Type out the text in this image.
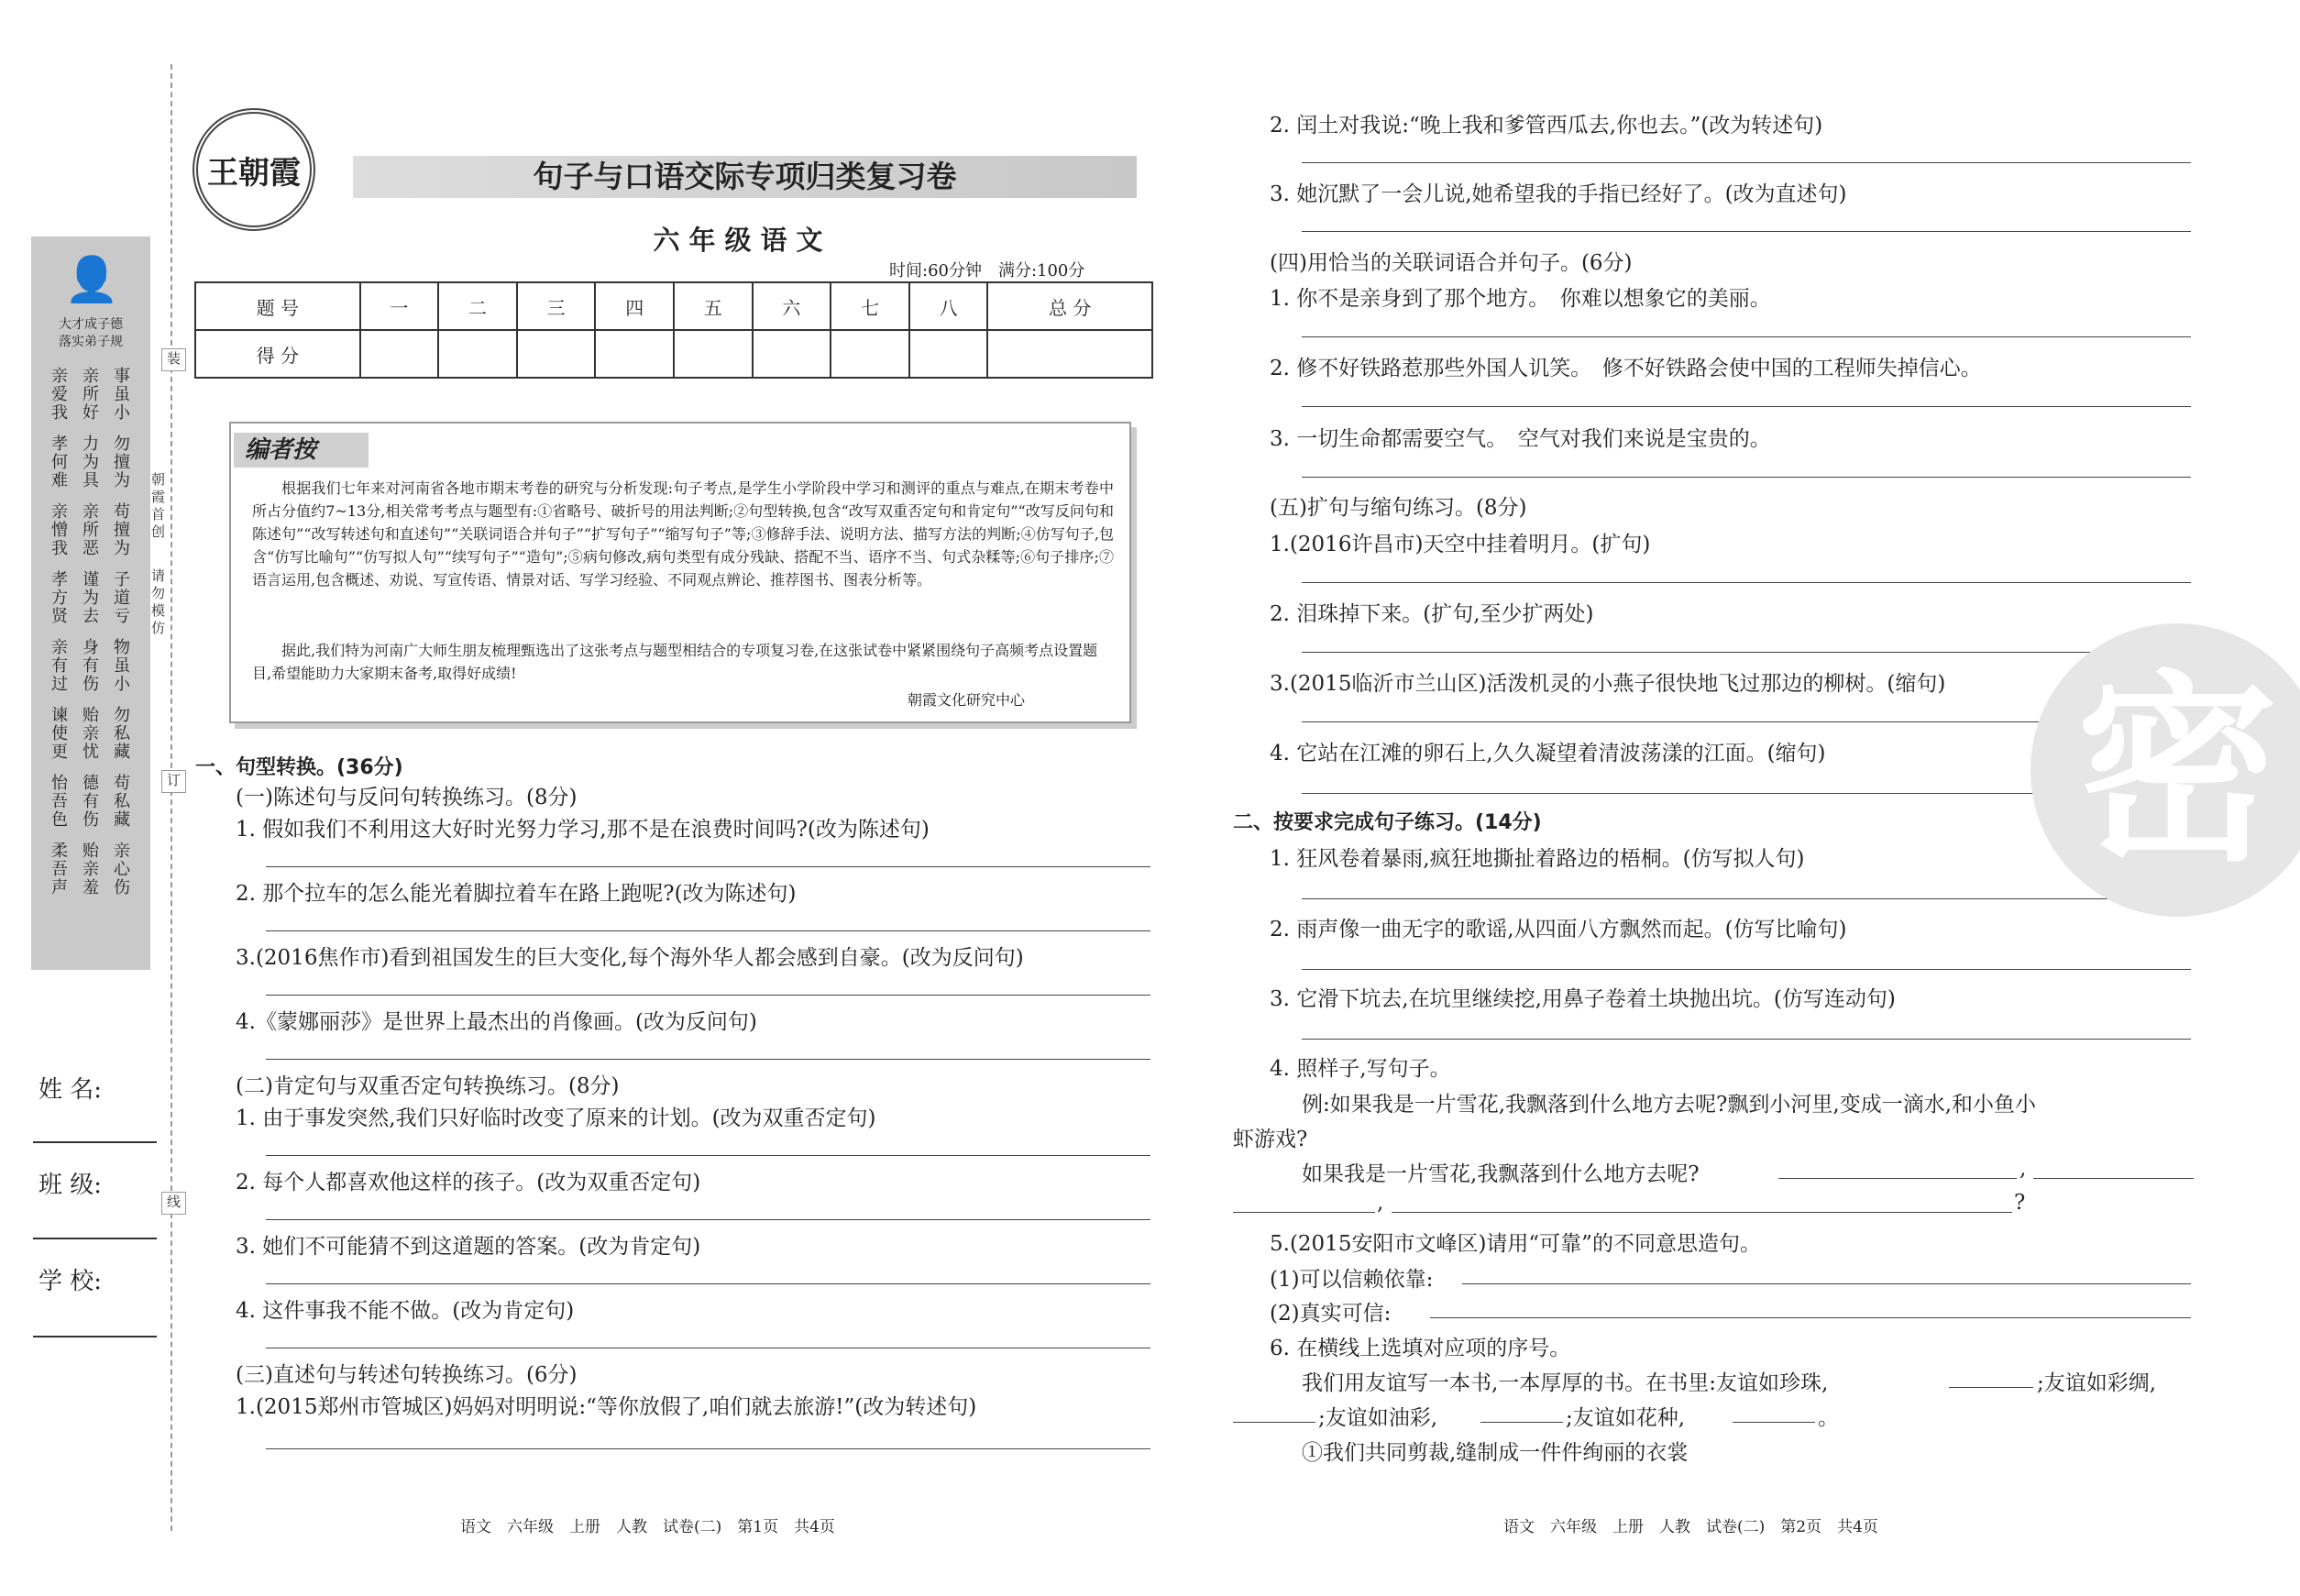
👤
大才成子德
落实弟子规
亲爱我 亲所好 事虽小
孝何难 力为具 勿擅为
亲憎我 亲所恶 苟擅为
孝方贤 谨为去 子道亏
亲有过 身有伤 物虽小
谏使更 贻亲忧 勿私藏
怡吾色 德有伤 苟私藏
柔吾声 贻亲羞 亲心伤
朝霞首创
请勿模仿
装
订
线
姓 名:
班 级:
学 校:
王朝霞	句子与口语交际专项归类复习卷
六年级语文
时间:60分钟　满分:100分
题 号	一	二	三	四	五	六	七	八	总 分
得 分									
编者按
根据我们七年来对河南省各地市期末考卷的研究与分析发现:句子考点,是学生小学阶段中学习和测评的重点与难点,在期末考卷中所占分值约7~13分,相关常考考点与题型有:①省略号、破折号的用法判断;②句型转换,包含“改写双重否定句和肯定句”“改写反问句和陈述句”“改写转述句和直述句”“关联词语合并句子”“扩写句子”“缩写句子”等;③修辞手法、说明方法、描写方法的判断;④仿写句子,包含“仿写比喻句”“仿写拟人句”“续写句子”“造句”;⑤病句修改,病句类型有成分残缺、搭配不当、语序不当、句式杂糅等;⑥句子排序;⑦语言运用,包含概述、劝说、写宣传语、情景对话、写学习经验、不同观点辨论、推荐图书、图表分析等。
据此,我们特为河南广大师生朋友梳理甄选出了这张考点与题型相结合的专项复习卷,在这张试卷中紧紧围绕句子高频考点设置题目,希望能助力大家期末备考,取得好成绩!
朝霞文化研究中心
一、句型转换。(36分)
(一)陈述句与反问句转换练习。(8分)
1. 假如我们不利用这大好时光努力学习,那不是在浪费时间吗?(改为陈述句)
2. 那个拉车的怎么能光着脚拉着车在路上跑呢?(改为陈述句)
3.(2016焦作市)看到祖国发生的巨大变化,每个海外华人都会感到自豪。(改为反问句)
4.《蒙娜丽莎》是世界上最杰出的肖像画。(改为反问句)
(二)肯定句与双重否定句转换练习。(8分)
1. 由于事发突然,我们只好临时改变了原来的计划。(改为双重否定句)
2. 每个人都喜欢他这样的孩子。(改为双重否定句)
3. 她们不可能猜不到这道题的答案。(改为肯定句)
4. 这件事我不能不做。(改为肯定句)
(三)直述句与转述句转换练习。(6分)
1.(2015郑州市管城区)妈妈对明明说:“等你放假了,咱们就去旅游!”(改为转述句)
2. 闰土对我说:“晚上我和爹管西瓜去,你也去。”(改为转述句)
3. 她沉默了一会儿说,她希望我的手指已经好了。(改为直述句)
(四)用恰当的关联词语合并句子。(6分)
1. 你不是亲身到了那个地方。　你难以想象它的美丽。
2. 修不好铁路惹那些外国人讥笑。　修不好铁路会使中国的工程师失掉信心。
3. 一切生命都需要空气。　空气对我们来说是宝贵的。
(五)扩句与缩句练习。(8分)
1.(2016许昌市)天空中挂着明月。(扩句)
2. 泪珠掉下来。(扩句,至少扩两处)
3.(2015临沂市兰山区)活泼机灵的小燕子很快地飞过那边的柳树。(缩句)
4. 它站在江滩的卵石上,久久凝望着清波荡漾的江面。(缩句)
二、按要求完成句子练习。(14分)
1. 狂风卷着暴雨,疯狂地撕扯着路边的梧桐。(仿写拟人句)
2. 雨声像一曲无字的歌谣,从四面八方飘然而起。(仿写比喻句)
3. 它滑下坑去,在坑里继续挖,用鼻子卷着土块抛出坑。(仿写连动句)
4. 照样子,写句子。
例:如果我是一片雪花,我飘落到什么地方去呢?飘到小河里,变成一滴水,和小鱼小
虾游戏?
如果我是一片雪花,我飘落到什么地方去呢?	,
,	?
5.(2015安阳市文峰区)请用“可靠”的不同意思造句。
(1)可以信赖依靠:
(2)真实可信:
6. 在横线上选填对应项的序号。
我们用友谊写一本书,一本厚厚的书。在书里:友谊如珍珠,	;友谊如彩绸,
;友谊如油彩,	;友谊如花种,	。
①我们共同剪裁,缝制成一件件绚丽的衣裳
语文　六年级　上册　人教　试卷(二)　第1页　共4页	语文　六年级　上册　人教　试卷(二)　第2页　共4页
密
